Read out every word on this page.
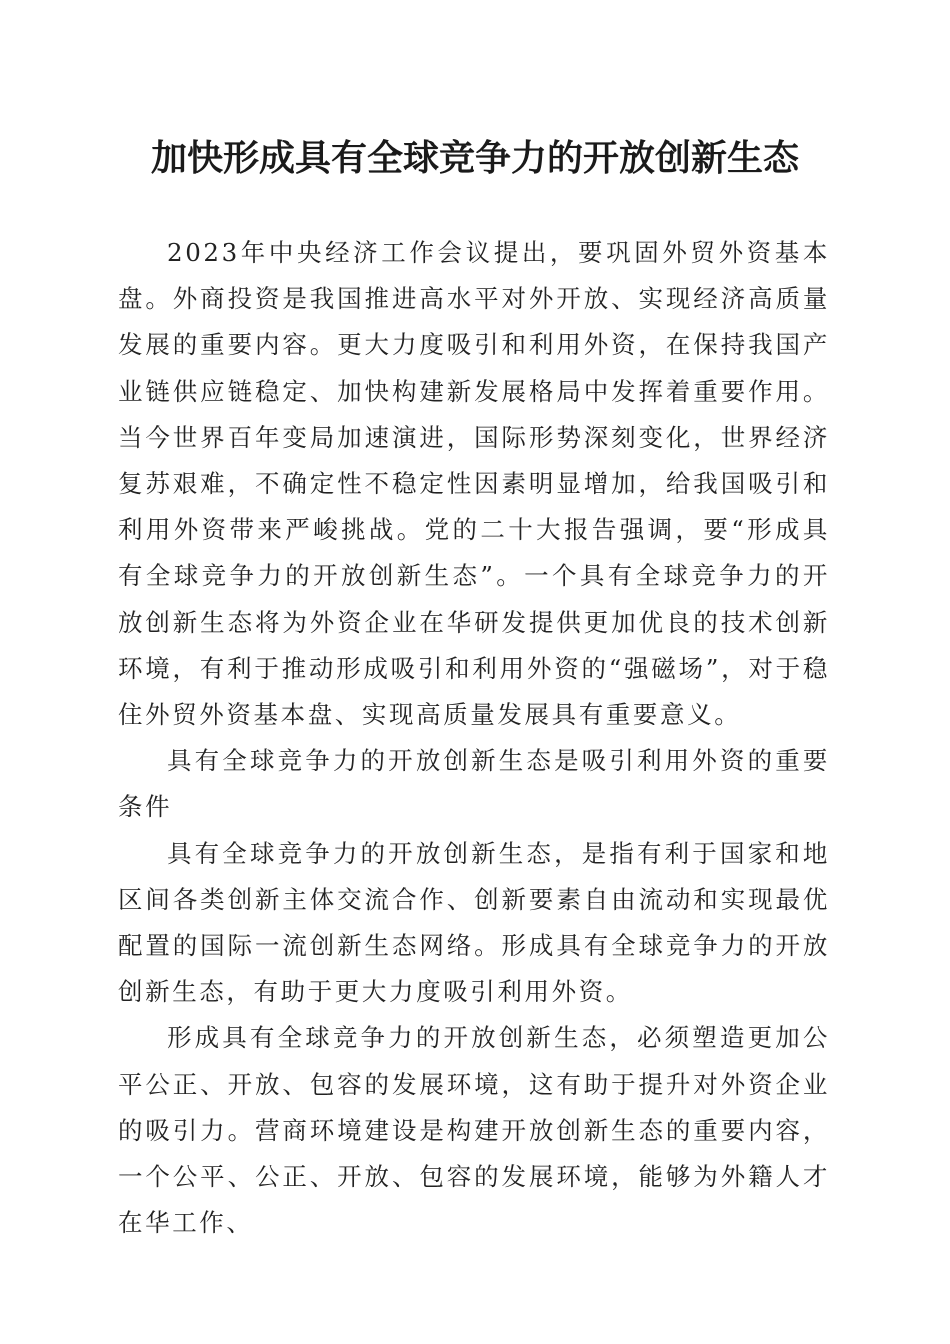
加快形成具有全球竞争力的开放创新生态

2023年中央经济工作会议提出，要巩固外贸外资基本盘。外商投资是我国推进高水平对外开放、实现经济高质量发展的重要内容。更大力度吸引和利用外资，在保持我国产业链供应链稳定、加快构建新发展格局中发挥着重要作用。当今世界百年变局加速演进，国际形势深刻变化，世界经济复苏艰难，不确定性不稳定性因素明显增加，给我国吸引和利用外资带来严峻挑战。党的二十大报告强调，要“形成具有全球竞争力的开放创新生态”。一个具有全球竞争力的开放创新生态将为外资企业在华研发提供更加优良的技术创新环境，有利于推动形成吸引和利用外资的“强磁场”，对于稳住外贸外资基本盘、实现高质量发展具有重要意义。

具有全球竞争力的开放创新生态是吸引利用外资的重要条件

具有全球竞争力的开放创新生态，是指有利于国家和地区间各类创新主体交流合作、创新要素自由流动和实现最优配置的国际一流创新生态网络。形成具有全球竞争力的开放创新生态，有助于更大力度吸引利用外资。

形成具有全球竞争力的开放创新生态，必须塑造更加公平公正、开放、包容的发展环境，这有助于提升对外资企业的吸引力。营商环境建设是构建开放创新生态的重要内容，一个公平、公正、开放、包容的发展环境，能够为外籍人才在华工作、
